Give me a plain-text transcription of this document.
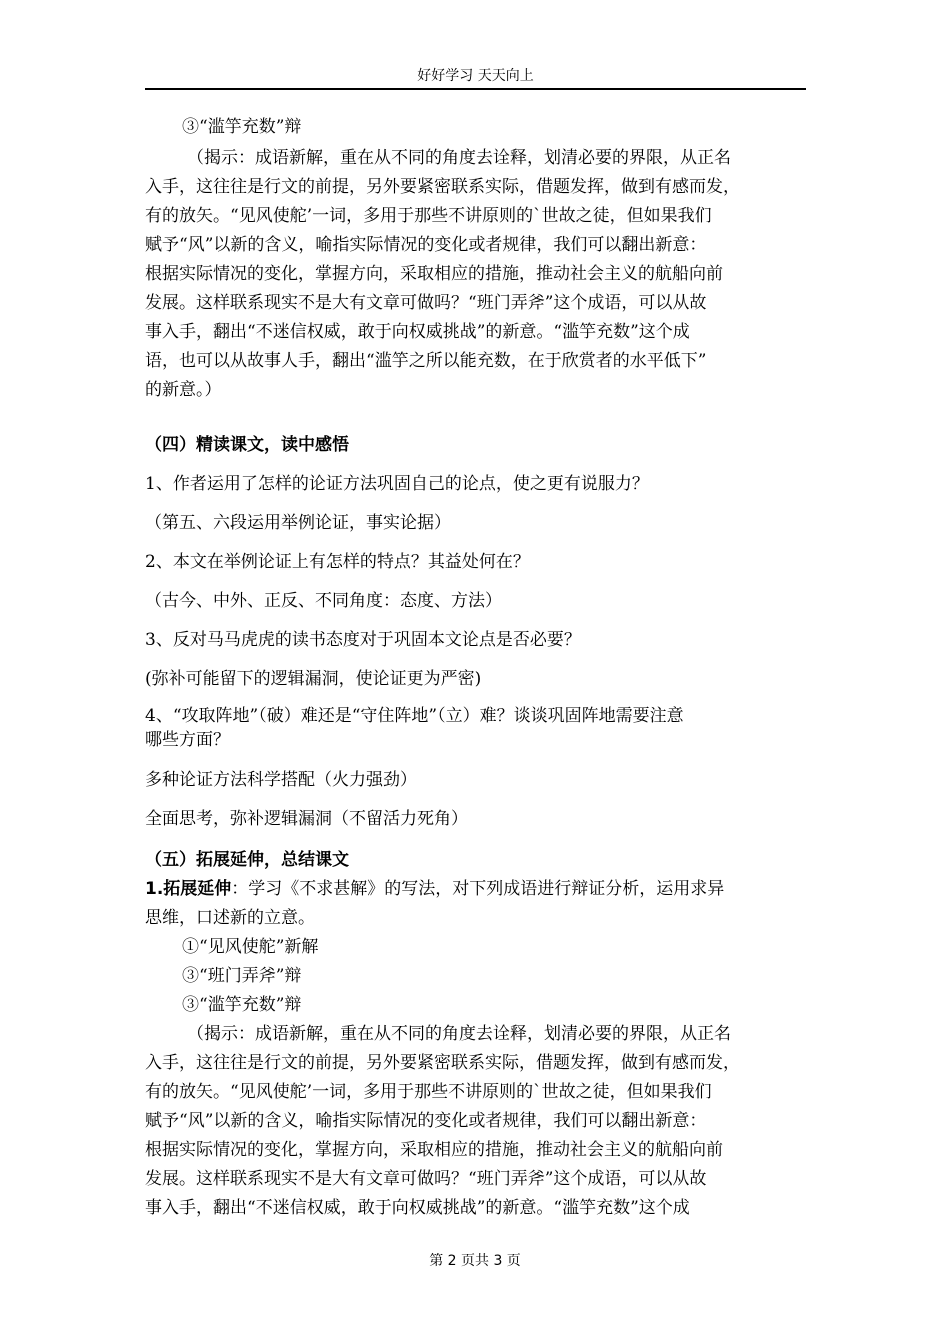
好好学习 天天向上
③“滥竽充数”辩
（揭示：成语新解，重在从不同的角度去诠释，划清必要的界限，从正名
入手，这往往是行文的前提，另外要紧密联系实际，借题发挥，做到有感而发，
有的放矢。“见风使舵’一词，多用于那些不讲原则的`世故之徒，但如果我们
赋予“风”以新的含义，喻指实际情况的变化或者规律，我们可以翻出新意：
根据实际情况的变化，掌握方向，采取相应的措施，推动社会主义的航船向前
发展。这样联系现实不是大有文章可做吗？“班门弄斧”这个成语，可以从故
事入手，翻出“不迷信权威，敢于向权威挑战”的新意。“滥竽充数”这个成
语，也可以从故事人手，翻出“滥竽之所以能充数，在于欣赏者的水平低下”
的新意。）
（四）精读课文，读中感悟
1、作者运用了怎样的论证方法巩固自己的论点，使之更有说服力？
（第五、六段运用举例论证，事实论据）
2、本文在举例论证上有怎样的特点？其益处何在？
（古今、中外、正反、不同角度：态度、方法）
3、反对马马虎虎的读书态度对于巩固本文论点是否必要？
(弥补可能留下的逻辑漏洞，使论证更为严密)
4、“攻取阵地”（破）难还是“守住阵地”（立）难？谈谈巩固阵地需要注意
哪些方面？
多种论证方法科学搭配（火力强劲）
全面思考，弥补逻辑漏洞（不留活力死角）
（五）拓展延伸，总结课文
1.拓展延伸：学习《不求甚解》的写法，对下列成语进行辩证分析，运用求异
思维，口述新的立意。
①“见风使舵”新解
③“班门弄斧”辩
③“滥竽充数”辩
（揭示：成语新解，重在从不同的角度去诠释，划清必要的界限，从正名
入手，这往往是行文的前提，另外要紧密联系实际，借题发挥，做到有感而发，
有的放矢。“见风使舵’一词，多用于那些不讲原则的`世故之徒，但如果我们
赋予“风”以新的含义，喻指实际情况的变化或者规律，我们可以翻出新意：
根据实际情况的变化，掌握方向，采取相应的措施，推动社会主义的航船向前
发展。这样联系现实不是大有文章可做吗？“班门弄斧”这个成语，可以从故
事入手，翻出“不迷信权威，敢于向权威挑战”的新意。“滥竽充数”这个成
第 2 页共 3 页
